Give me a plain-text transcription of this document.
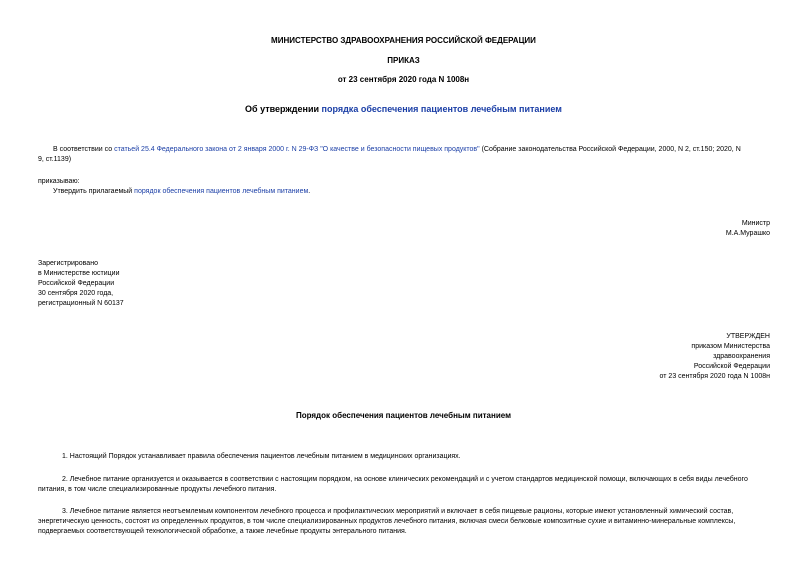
МИНИСТЕРСТВО ЗДРАВООХРАНЕНИЯ РОССИЙСКОЙ ФЕДЕРАЦИИ
ПРИКАЗ
от 23 сентября 2020 года N 1008н
Об утверждении порядка обеспечения пациентов лечебным питанием
В соответствии со статьей 25.4 Федерального закона от 2 января 2000 г. N 29-ФЗ "О качестве и безопасности пищевых продуктов" (Собрание законодательства Российской Федерации, 2000, N 2, ст.150; 2020, N
9, ст.1139)
приказываю:
Утвердить прилагаемый порядок обеспечения пациентов лечебным питанием.
Министр
М.А.Мурашко
Зарегистрировано
в Министерстве юстиции
Российской Федерации
30 сентября 2020 года,
регистрационный N 60137
УТВЕРЖДЕН
приказом Министерства
здравоохранения
Российской Федерации
от 23 сентября 2020 года N 1008н
Порядок обеспечения пациентов лечебным питанием
1. Настоящий Порядок устанавливает правила обеспечения пациентов лечебным питанием в медицинских организациях.
2. Лечебное питание организуется и оказывается в соответствии с настоящим порядком, на основе клинических рекомендаций и с учетом стандартов медицинской помощи, включающих в себя виды лечебного
питания, в том числе специализированные продукты лечебного питания.
3. Лечебное питание является неотъемлемым компонентом лечебного процесса и профилактических мероприятий и включает в себя пищевые рационы, которые имеют установленный химический состав,
энергетическую ценность, состоят из определенных продуктов, в том числе специализированных продуктов лечебного питания, включая смеси белковые композитные сухие и витаминно-минеральные комплексы,
подвергаемых соответствующей технологической обработке, а также лечебные продукты энтерального питания.
